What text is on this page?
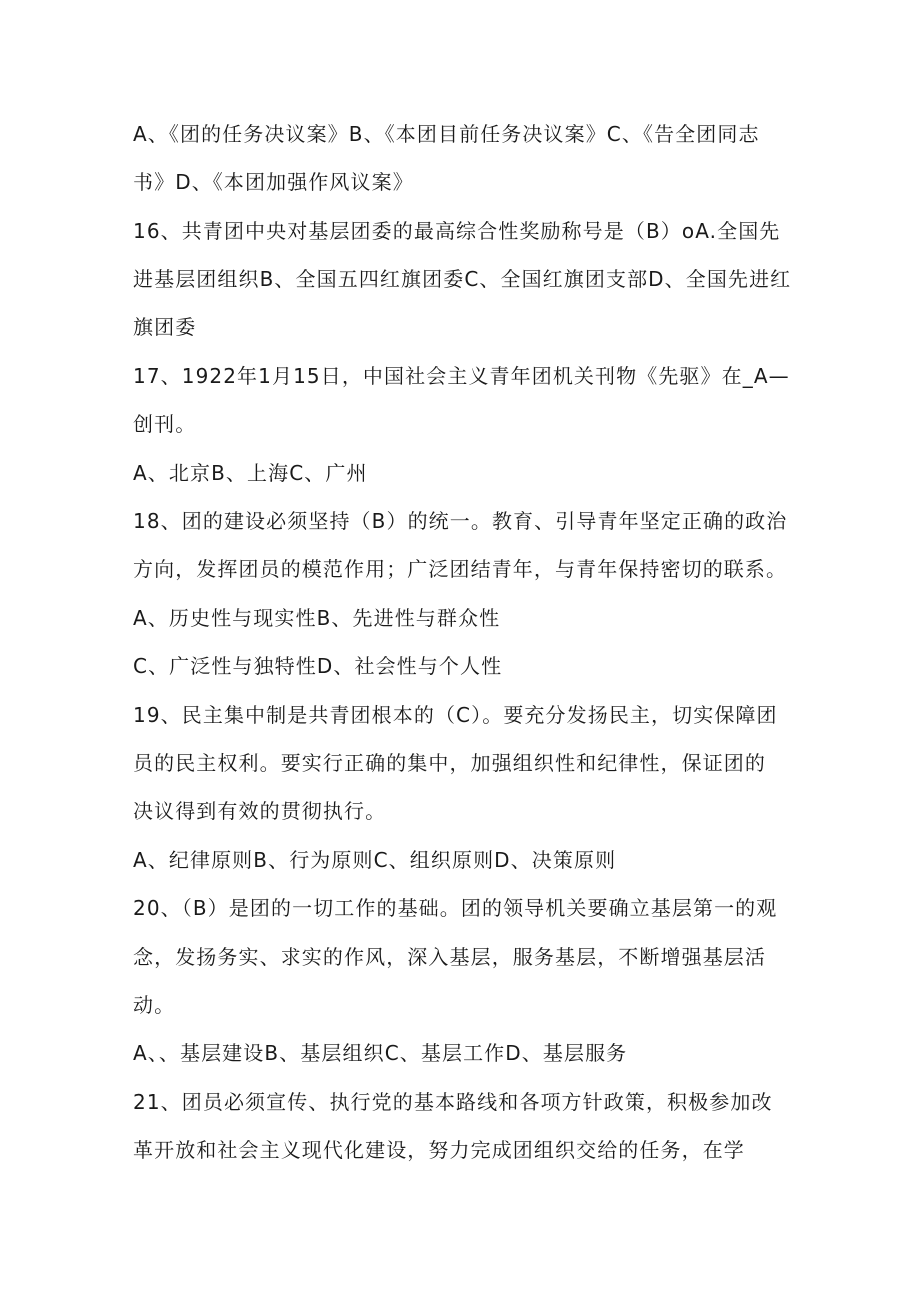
A、《团的任务决议案》B、《本团目前任务决议案》C、《告全团同志
书》D、《本团加强作风议案》
16、共青团中央对基层团委的最高综合性奖励称号是（B）oA.全国先
进基层团组织B、全国五四红旗团委C、全国红旗团支部D、全国先进红
旗团委
17、1922年1月15日，中国社会主义青年团机关刊物《先驱》在_A—
创刊。
A、北京B、上海C、广州
18、团的建设必须坚持（B）的统一。教育、引导青年坚定正确的政治
方向，发挥团员的模范作用；广泛团结青年，与青年保持密切的联系。
A、历史性与现实性B、先进性与群众性
C、广泛性与独特性D、社会性与个人性
19、民主集中制是共青团根本的（C）。要充分发扬民主，切实保障团
员的民主权利。要实行正确的集中，加强组织性和纪律性，保证团的
决议得到有效的贯彻执行。
A、纪律原则B、行为原则C、组织原则D、决策原则
20、（B）是团的一切工作的基础。团的领导机关要确立基层第一的观
念，发扬务实、求实的作风，深入基层，服务基层，不断增强基层活
动。
A、、基层建设B、基层组织C、基层工作D、基层服务
21、团员必须宣传、执行党的基本路线和各项方针政策，积极参加改
革开放和社会主义现代化建设，努力完成团组织交给的任务，在学
